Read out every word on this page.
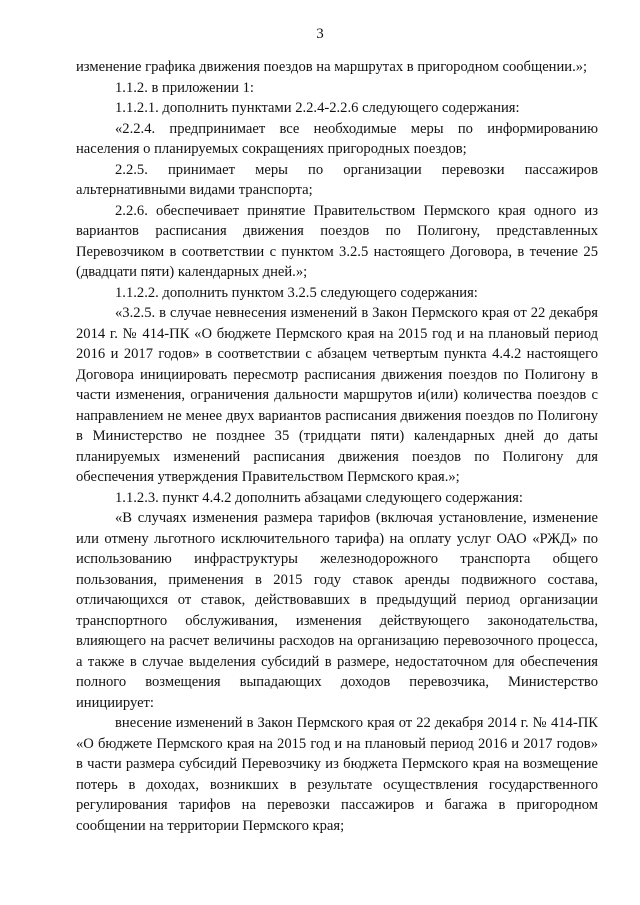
3

изменение графика движения поездов на маршрутах в пригородном сообщении.»;

1.1.2. в приложении 1:

1.1.2.1. дополнить пунктами 2.2.4-2.2.6 следующего содержания:

«2.2.4. предпринимает все необходимые меры по информированию населения о планируемых сокращениях пригородных поездов;

2.2.5. принимает меры по организации перевозки пассажиров альтернативными видами транспорта;

2.2.6. обеспечивает принятие Правительством Пермского края одного из вариантов расписания движения поездов по Полигону, представленных Перевозчиком в соответствии с пунктом 3.2.5 настоящего Договора, в течение 25 (двадцати пяти) календарных дней.»;

1.1.2.2. дополнить пунктом 3.2.5 следующего содержания:

«3.2.5. в случае невнесения изменений в Закон Пермского края от 22 декабря 2014 г. № 414-ПК «О бюджете Пермского края на 2015 год и на плановый период 2016 и 2017 годов» в соответствии с абзацем четвертым пункта 4.4.2 настоящего Договора инициировать пересмотр расписания движения поездов по Полигону в части изменения, ограничения дальности маршрутов и(или) количества поездов с направлением не менее двух вариантов расписания движения поездов по Полигону в Министерство не позднее 35 (тридцати пяти) календарных дней до даты планируемых изменений расписания движения поездов по Полигону для обеспечения утверждения Правительством Пермского края.»;

1.1.2.3. пункт 4.4.2 дополнить абзацами следующего содержания:

«В случаях изменения размера тарифов (включая установление, изменение или отмену льготного исключительного тарифа) на оплату услуг ОАО «РЖД» по использованию инфраструктуры железнодорожного транспорта общего пользования, применения в 2015 году ставок аренды подвижного состава, отличающихся от ставок, действовавших в предыдущий период организации транспортного обслуживания, изменения действующего законодательства, влияющего на расчет величины расходов на организацию перевозочного процесса, а также в случае выделения субсидий в размере, недостаточном для обеспечения полного возмещения выпадающих доходов перевозчика, Министерство инициирует:

внесение изменений в Закон Пермского края от 22 декабря 2014 г. № 414-ПК «О бюджете Пермского края на 2015 год и на плановый период 2016 и 2017 годов» в части размера субсидий Перевозчику из бюджета Пермского края на возмещение потерь в доходах, возникших в результате осуществления государственного регулирования тарифов на перевозки пассажиров и багажа в пригородном сообщении на территории Пермского края;
